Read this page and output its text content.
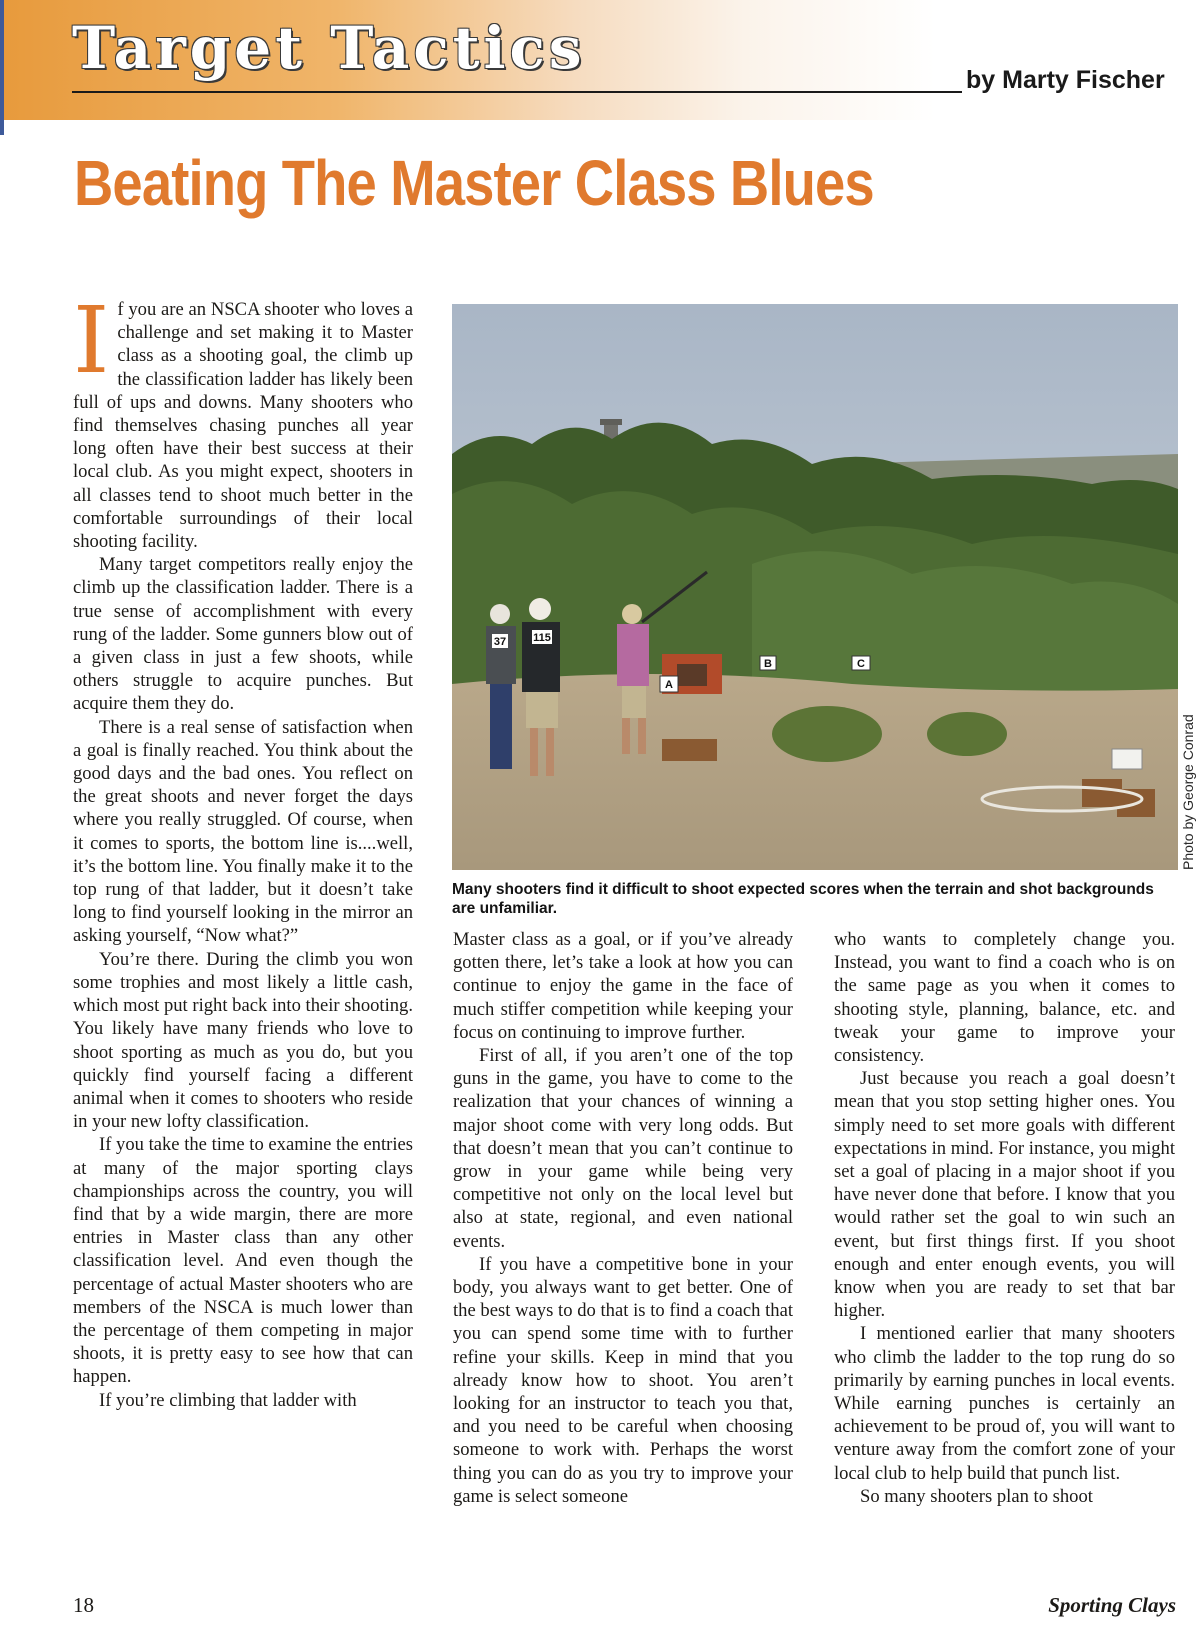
Target Tactics	by Marty Fischer
Beating The Master Class Blues

If you are an NSCA shooter who loves a challenge and set making it to Master class as a shooting goal, the climb up the classification ladder has likely been full of ups and downs. Many shooters who find themselves chasing punches all year long often have their best success at their local club. As you might expect, shooters in all classes tend to shoot much better in the comfortable surroundings of their local shooting facility.

Many target competitors really enjoy the climb up the classification ladder. There is a true sense of accomplishment with every rung of the ladder. Some gunners blow out of a given class in just a few shoots, while others struggle to acquire punches. But acquire them they do.

There is a real sense of satisfaction when a goal is finally reached. You think about the good days and the bad ones. You reflect on the great shoots and never forget the days where you really struggled. Of course, when it comes to sports, the bottom line is....well, it’s the bottom line. You finally make it to the top rung of that ladder, but it doesn’t take long to find yourself looking in the mirror an asking yourself, “Now what?”

You’re there. During the climb you won some trophies and most likely a little cash, which most put right back into their shooting. You likely have many friends who love to shoot sporting as much as you do, but you quickly find yourself facing a different animal when it comes to shooters who reside in your new lofty classification.

If you take the time to examine the entries at many of the major sporting clays championships across the country, you will find that by a wide margin, there are more entries in Master class than any other classification level. And even though the percentage of actual Master shooters who are members of the NSCA is much lower than the percentage of them competing in major shoots, it is pretty easy to see how that can happen.

If you’re climbing that ladder with

A
B	C
37 115
Photo by George Conrad
Many shooters find it difficult to shoot expected scores when the terrain and shot backgrounds are unfamiliar.

Master class as a goal, or if you’ve already gotten there, let’s take a look at how you can continue to enjoy the game in the face of much stiffer competition while keeping your focus on continuing to improve further.

First of all, if you aren’t one of the top guns in the game, you have to come to the realization that your chances of winning a major shoot come with very long odds. But that doesn’t mean that you can’t continue to grow in your game while being very competitive not only on the local level but also at state, regional, and even national events.

If you have a competitive bone in your body, you always want to get better. One of the best ways to do that is to find a coach that you can spend some time with to further refine your skills. Keep in mind that you already know how to shoot. You aren’t looking for an instructor to teach you that, and you need to be careful when choosing someone to work with. Perhaps the worst thing you can do as you try to improve your game is select someone

who wants to completely change you. Instead, you want to find a coach who is on the same page as you when it comes to shooting style, planning, balance, etc. and tweak your game to improve your consistency.

Just because you reach a goal doesn’t mean that you stop setting higher ones. You simply need to set more goals with different expectations in mind. For instance, you might set a goal of placing in a major shoot if you have never done that before. I know that you would rather set the goal to win such an event, but first things first. If you shoot enough and enter enough events, you will know when you are ready to set that bar higher.

I mentioned earlier that many shooters who climb the ladder to the top rung do so primarily by earning punches in local events. While earning punches is certainly an achievement to be proud of, you will want to venture away from the comfort zone of your local club to help build that punch list.

So many shooters plan to shoot

18	Sporting Clays
